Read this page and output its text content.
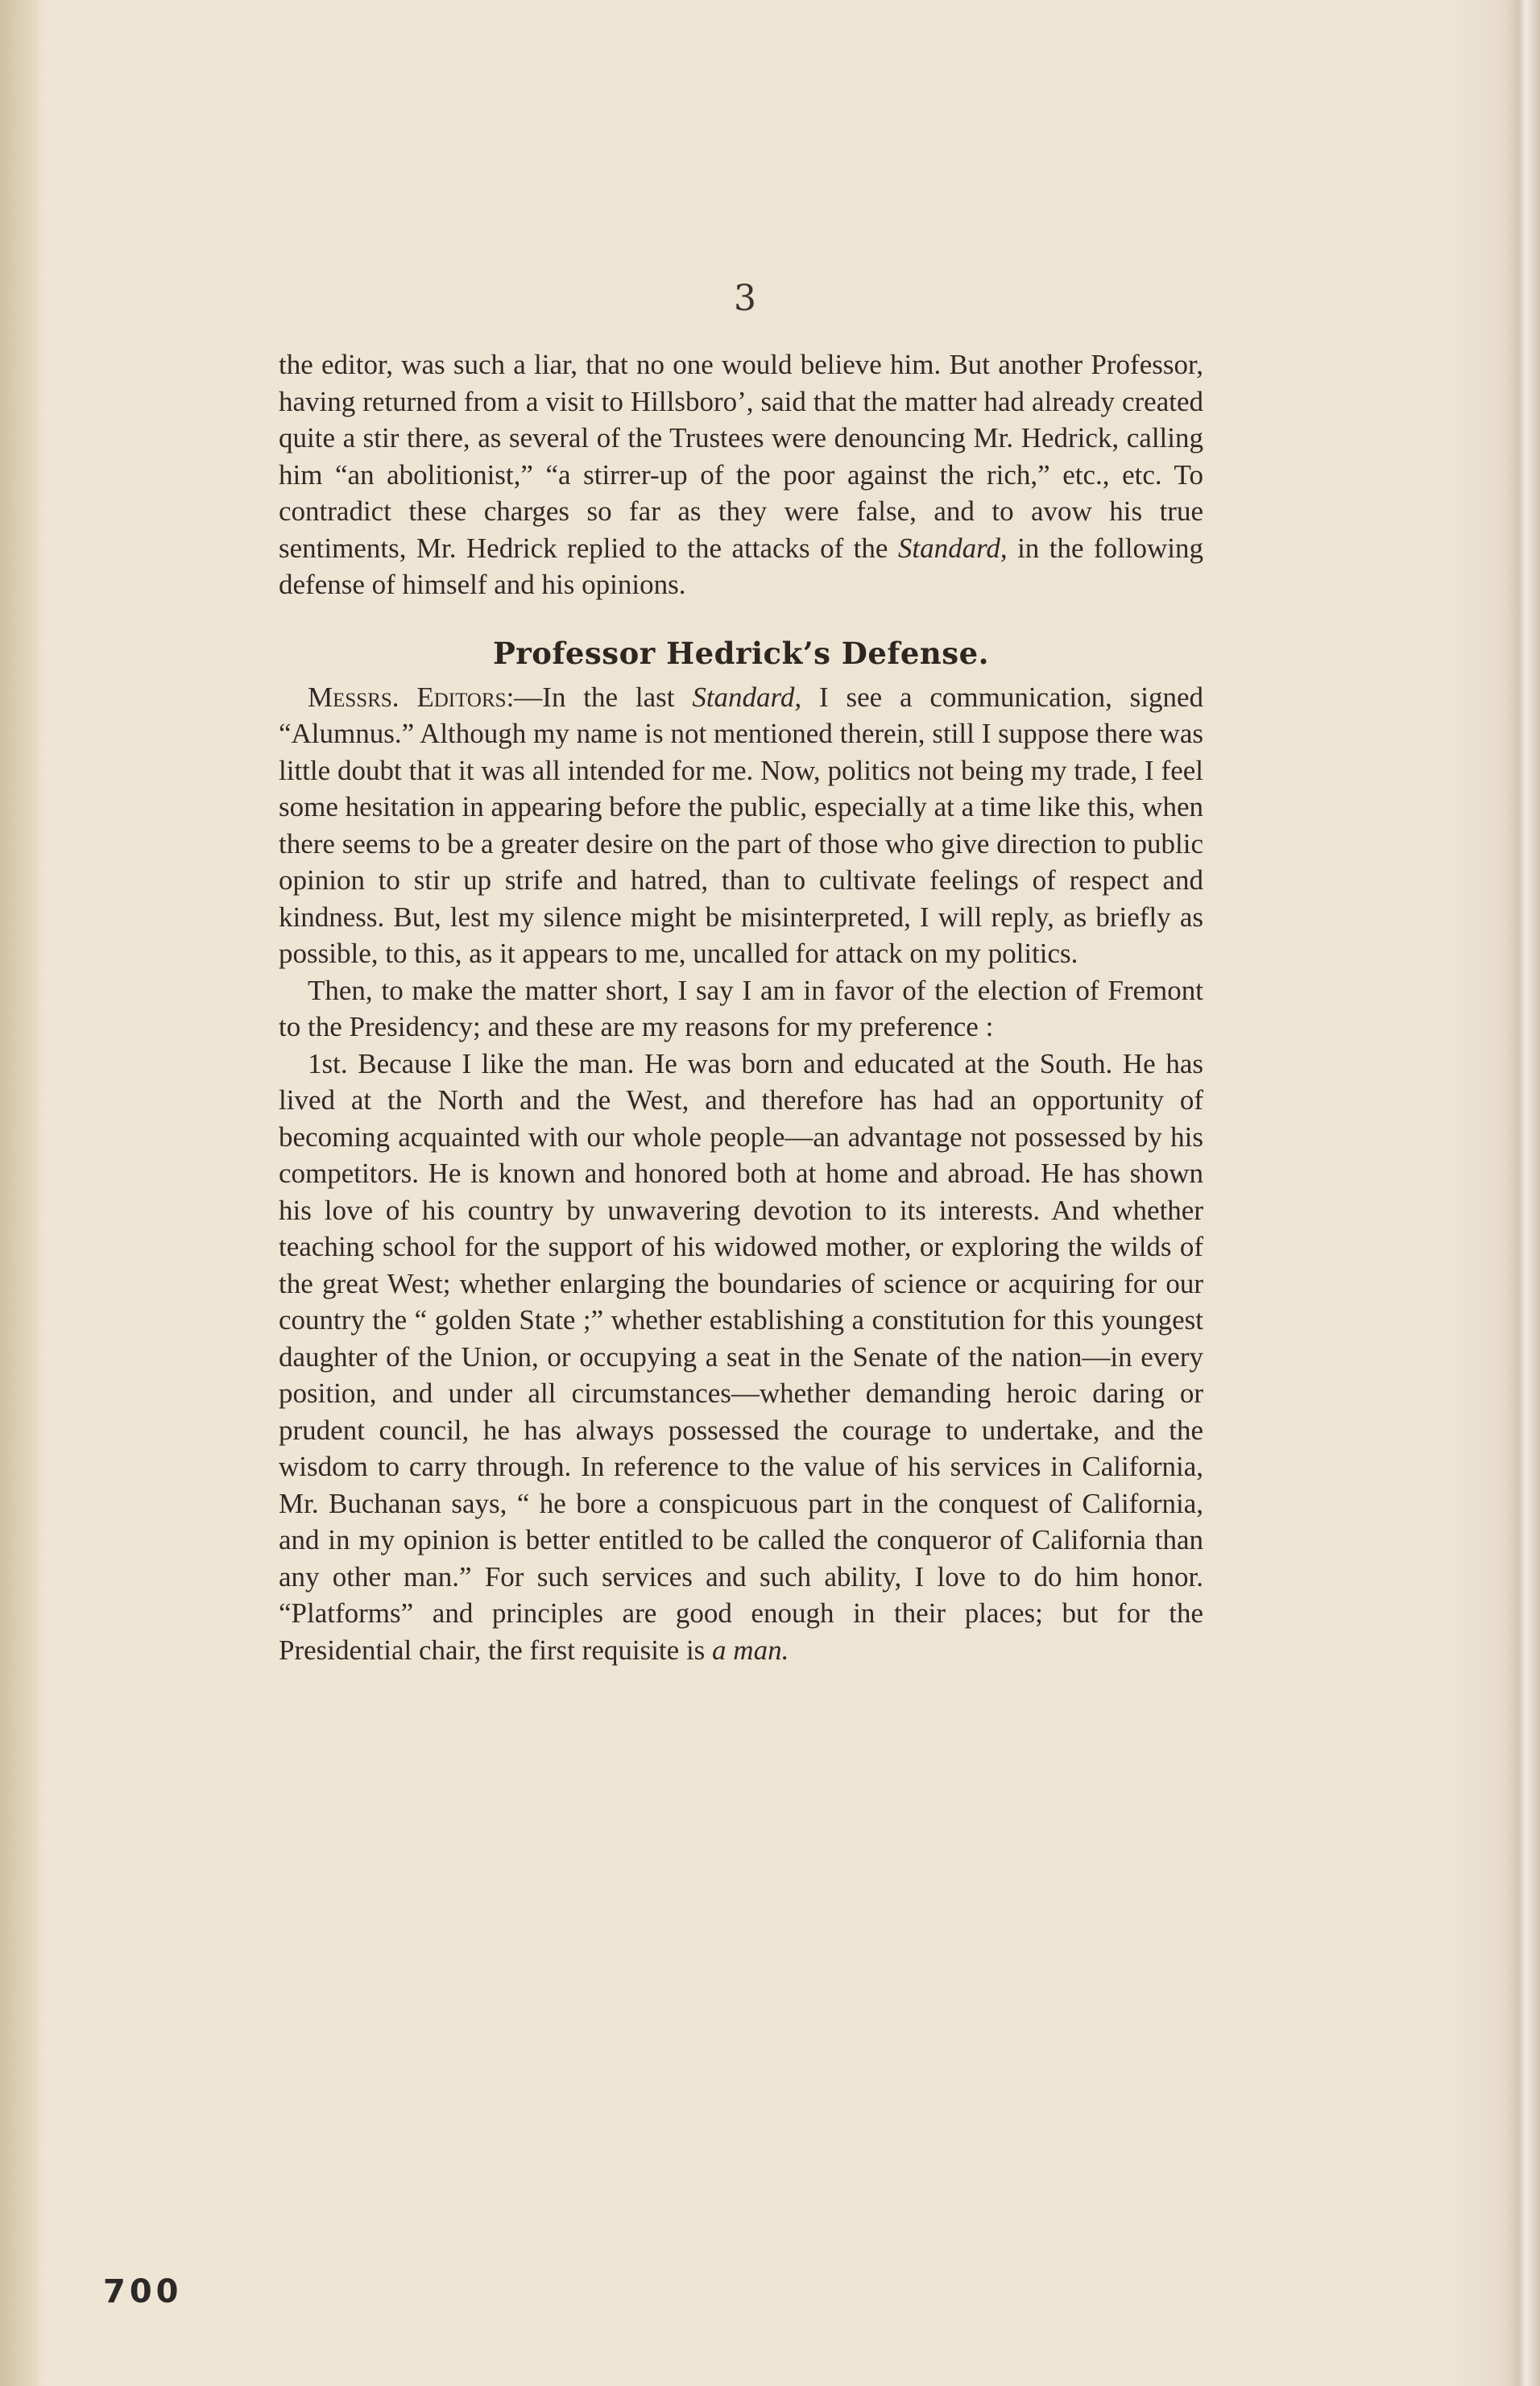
3

the editor, was such a liar, that no one would believe him. But another Professor, having returned from a visit to Hillsboro’, said that the matter had already created quite a stir there, as several of the Trustees were denouncing Mr. Hedrick, calling him “an abolitionist,” “a stirrer-up of the poor against the rich,” etc., etc. To contradict these charges so far as they were false, and to avow his true sentiments, Mr. Hedrick replied to the attacks of the Standard, in the following defense of himself and his opinions.

Professor Hedrick’s Defense.

Messrs. Editors:—In the last Standard, I see a communication, signed “Alumnus.” Although my name is not mentioned therein, still I suppose there was little doubt that it was all intended for me. Now, politics not being my trade, I feel some hesitation in appearing before the public, especially at a time like this, when there seems to be a greater desire on the part of those who give direction to public opinion to stir up strife and hatred, than to cultivate feelings of respect and kindness. But, lest my silence might be misinterpreted, I will reply, as briefly as possible, to this, as it appears to me, uncalled for attack on my politics.

Then, to make the matter short, I say I am in favor of the election of Fremont to the Presidency; and these are my reasons for my preference :

1st. Because I like the man. He was born and educated at the South. He has lived at the North and the West, and therefore has had an opportunity of becoming acquainted with our whole people—an advantage not possessed by his competitors. He is known and honored both at home and abroad. He has shown his love of his country by unwavering devotion to its interests. And whether teaching school for the support of his widowed mother, or exploring the wilds of the great West; whether enlarging the boundaries of science or acquiring for our country the “ golden State ;” whether establishing a constitution for this youngest daughter of the Union, or occupying a seat in the Senate of the nation—in every position, and under all circumstances—whether demanding heroic daring or prudent council, he has always possessed the courage to undertake, and the wisdom to carry through. In reference to the value of his services in California, Mr. Buchanan says, “ he bore a conspicuous part in the conquest of California, and in my opinion is better entitled to be called the conqueror of California than any other man.” For such services and such ability, I love to do him honor. “Platforms” and principles are good enough in their places; but for the Presidential chair, the first requisite is a man.

700
